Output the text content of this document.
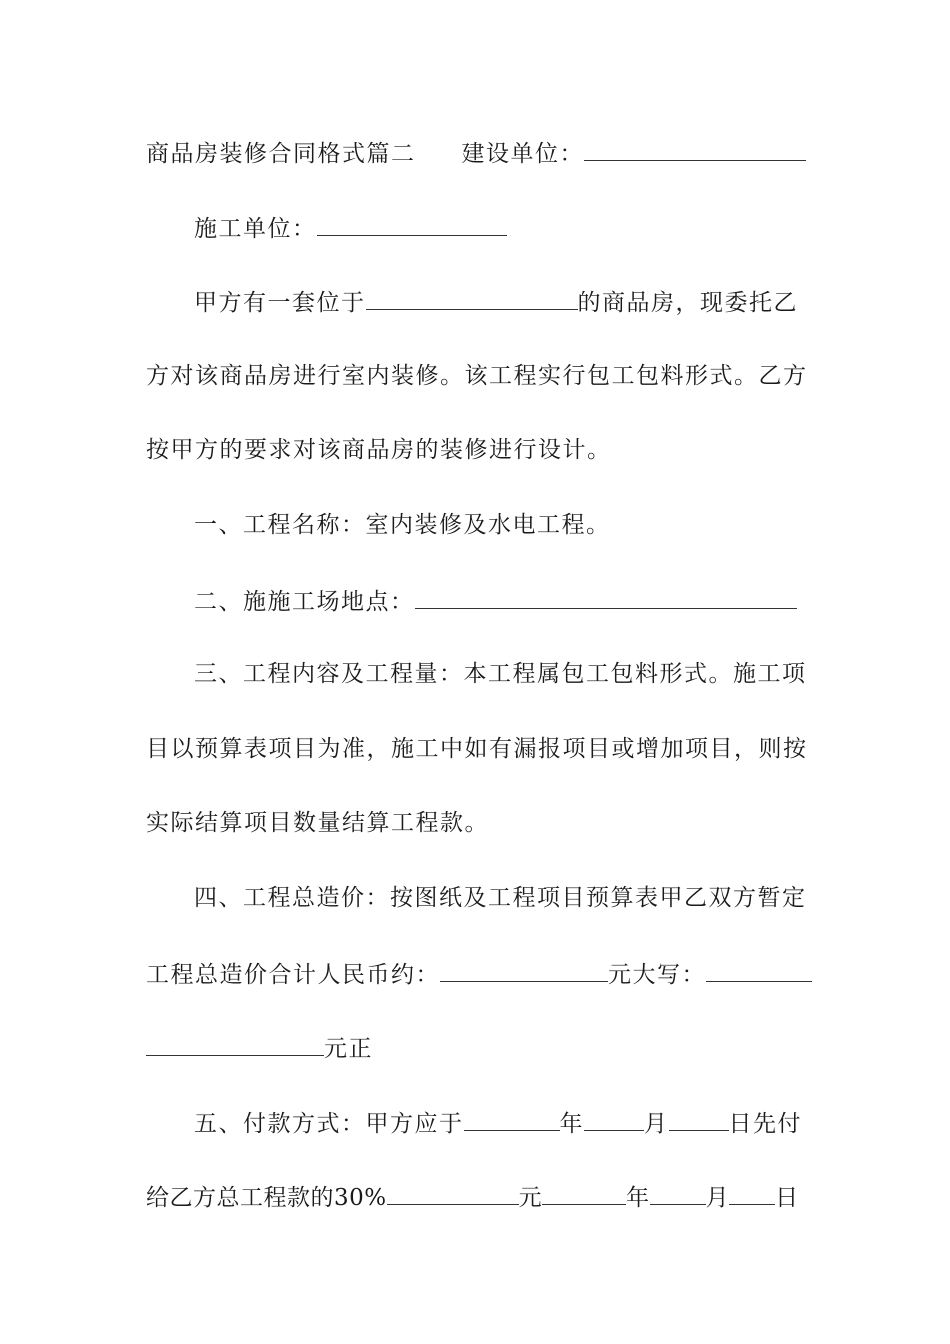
商品房装修合同格式篇二 建设单位：
施工单位：
甲方有一套位于	的商品房，现委托乙
方对该商品房进行室内装修。该工程实行包工包料形式。乙方
按甲方的要求对该商品房的装修进行设计。
一、工程名称：室内装修及水电工程。
二、施施工场地点：
三、工程内容及工程量：本工程属包工包料形式。施工项
目以预算表项目为准，施工中如有漏报项目或增加项目，则按
实际结算项目数量结算工程款。
四、工程总造价：按图纸及工程项目预算表甲乙双方暂定
工程总造价合计人民币约：	元大写：
元正
五、付款方式：甲方应于	年	月	日先付
给乙方总工程款的30%	元	年 月 日
